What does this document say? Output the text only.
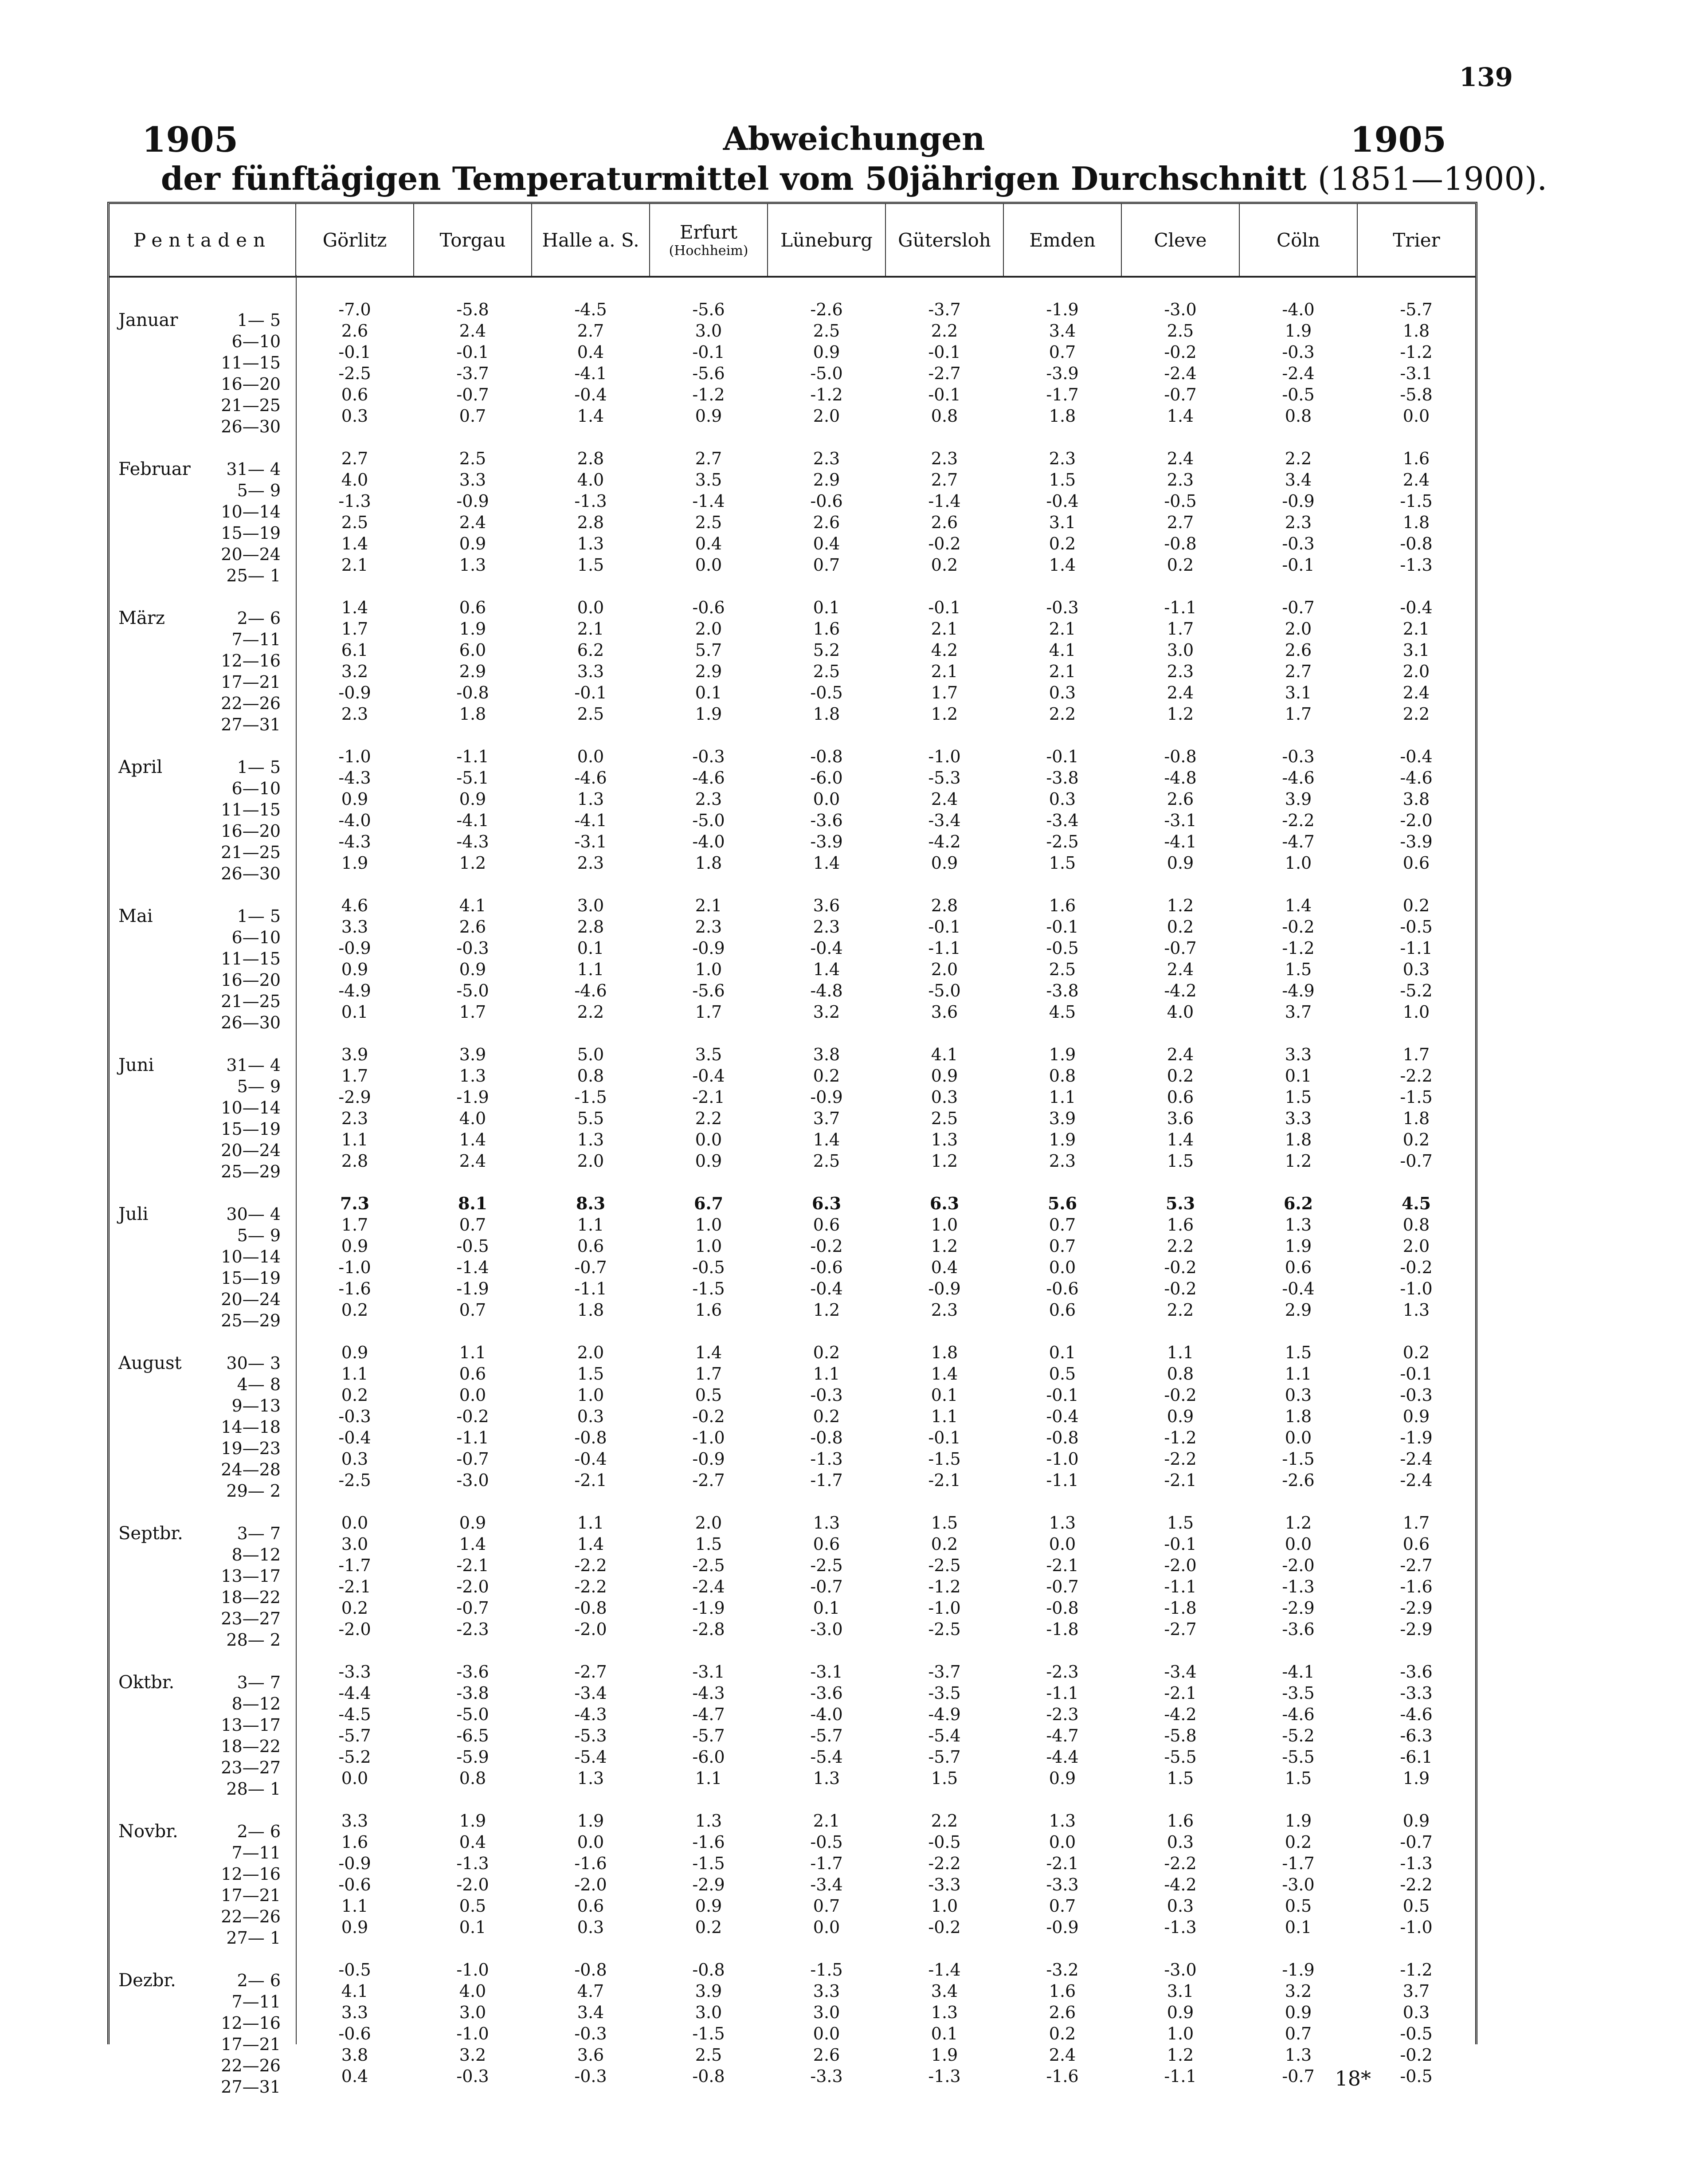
139
1905	1905
Abweichungen
der fünftägigen Temperaturmittel vom 50jährigen Durchschnitt (1851—1900).
Pentaden	Görlitz	Torgau	Halle a. S.	Erfurt
(Hochheim)	Lüneburg	Gütersloh	Emden	Cleve	Cöln	Trier

Januar 1— 5	-7.0	-5.8	-4.5	-5.6	-2.6	-3.7	-1.9	-3.0	-4.0	-5.7

6—10	2.6	2.4	2.7	3.0	2.5	2.2	3.4	2.5	1.9	1.8

11—15	-0.1	-0.1	0.4	-0.1	0.9	-0.1	0.7	-0.2	-0.3	-1.2

16—20	-2.5	-3.7	-4.1	-5.6	-5.0	-2.7	-3.9	-2.4	-2.4	-3.1

21—25	0.6	-0.7	-0.4	-1.2	-1.2	-0.1	-1.7	-0.7	-0.5	-5.8

26—30	0.3	0.7	1.4	0.9	2.0	0.8	1.8	1.4	0.8	0.0

Februar 31— 4	2.7	2.5	2.8	2.7	2.3	2.3	2.3	2.4	2.2	1.6

5— 9	4.0	3.3	4.0	3.5	2.9	2.7	1.5	2.3	3.4	2.4

10—14	-1.3	-0.9	-1.3	-1.4	-0.6	-1.4	-0.4	-0.5	-0.9	-1.5

15—19	2.5	2.4	2.8	2.5	2.6	2.6	3.1	2.7	2.3	1.8

20—24	1.4	0.9	1.3	0.4	0.4	-0.2	0.2	-0.8	-0.3	-0.8

25— 1	2.1	1.3	1.5	0.0	0.7	0.2	1.4	0.2	-0.1	-1.3

März 2— 6	1.4	0.6	0.0	-0.6	0.1	-0.1	-0.3	-1.1	-0.7	-0.4

7—11	1.7	1.9	2.1	2.0	1.6	2.1	2.1	1.7	2.0	2.1

12—16	6.1	6.0	6.2	5.7	5.2	4.2	4.1	3.0	2.6	3.1

17—21	3.2	2.9	3.3	2.9	2.5	2.1	2.1	2.3	2.7	2.0

22—26	-0.9	-0.8	-0.1	0.1	-0.5	1.7	0.3	2.4	3.1	2.4

27—31	2.3	1.8	2.5	1.9	1.8	1.2	2.2	1.2	1.7	2.2

April 1— 5	-1.0	-1.1	0.0	-0.3	-0.8	-1.0	-0.1	-0.8	-0.3	-0.4

6—10	-4.3	-5.1	-4.6	-4.6	-6.0	-5.3	-3.8	-4.8	-4.6	-4.6

11—15	0.9	0.9	1.3	2.3	0.0	2.4	0.3	2.6	3.9	3.8

16—20	-4.0	-4.1	-4.1	-5.0	-3.6	-3.4	-3.4	-3.1	-2.2	-2.0

21—25	-4.3	-4.3	-3.1	-4.0	-3.9	-4.2	-2.5	-4.1	-4.7	-3.9

26—30	1.9	1.2	2.3	1.8	1.4	0.9	1.5	0.9	1.0	0.6

Mai 1— 5	4.6	4.1	3.0	2.1	3.6	2.8	1.6	1.2	1.4	0.2

6—10	3.3	2.6	2.8	2.3	2.3	-0.1	-0.1	0.2	-0.2	-0.5

11—15	-0.9	-0.3	0.1	-0.9	-0.4	-1.1	-0.5	-0.7	-1.2	-1.1

16—20	0.9	0.9	1.1	1.0	1.4	2.0	2.5	2.4	1.5	0.3

21—25	-4.9	-5.0	-4.6	-5.6	-4.8	-5.0	-3.8	-4.2	-4.9	-5.2

26—30	0.1	1.7	2.2	1.7	3.2	3.6	4.5	4.0	3.7	1.0

Juni 31— 4	3.9	3.9	5.0	3.5	3.8	4.1	1.9	2.4	3.3	1.7

5— 9	1.7	1.3	0.8	-0.4	0.2	0.9	0.8	0.2	0.1	-2.2

10—14	-2.9	-1.9	-1.5	-2.1	-0.9	0.3	1.1	0.6	1.5	-1.5

15—19	2.3	4.0	5.5	2.2	3.7	2.5	3.9	3.6	3.3	1.8

20—24	1.1	1.4	1.3	0.0	1.4	1.3	1.9	1.4	1.8	0.2

25—29	2.8	2.4	2.0	0.9	2.5	1.2	2.3	1.5	1.2	-0.7

Juli 30— 4	7.3	8.1	8.3	6.7	6.3	6.3	5.6	5.3	6.2	4.5

5— 9	1.7	0.7	1.1	1.0	0.6	1.0	0.7	1.6	1.3	0.8

10—14	0.9	-0.5	0.6	1.0	-0.2	1.2	0.7	2.2	1.9	2.0

15—19	-1.0	-1.4	-0.7	-0.5	-0.6	0.4	0.0	-0.2	0.6	-0.2

20—24	-1.6	-1.9	-1.1	-1.5	-0.4	-0.9	-0.6	-0.2	-0.4	-1.0

25—29	0.2	0.7	1.8	1.6	1.2	2.3	0.6	2.2	2.9	1.3

August 30— 3	0.9	1.1	2.0	1.4	0.2	1.8	0.1	1.1	1.5	0.2

4— 8	1.1	0.6	1.5	1.7	1.1	1.4	0.5	0.8	1.1	-0.1

9—13	0.2	0.0	1.0	0.5	-0.3	0.1	-0.1	-0.2	0.3	-0.3

14—18	-0.3	-0.2	0.3	-0.2	0.2	1.1	-0.4	0.9	1.8	0.9

19—23	-0.4	-1.1	-0.8	-1.0	-0.8	-0.1	-0.8	-1.2	0.0	-1.9

24—28	0.3	-0.7	-0.4	-0.9	-1.3	-1.5	-1.0	-2.2	-1.5	-2.4

29— 2	-2.5	-3.0	-2.1	-2.7	-1.7	-2.1	-1.1	-2.1	-2.6	-2.4

Septbr. 3— 7	0.0	0.9	1.1	2.0	1.3	1.5	1.3	1.5	1.2	1.7

8—12	3.0	1.4	1.4	1.5	0.6	0.2	0.0	-0.1	0.0	0.6

13—17	-1.7	-2.1	-2.2	-2.5	-2.5	-2.5	-2.1	-2.0	-2.0	-2.7

18—22	-2.1	-2.0	-2.2	-2.4	-0.7	-1.2	-0.7	-1.1	-1.3	-1.6

23—27	0.2	-0.7	-0.8	-1.9	0.1	-1.0	-0.8	-1.8	-2.9	-2.9

28— 2	-2.0	-2.3	-2.0	-2.8	-3.0	-2.5	-1.8	-2.7	-3.6	-2.9

Oktbr. 3— 7	-3.3	-3.6	-2.7	-3.1	-3.1	-3.7	-2.3	-3.4	-4.1	-3.6

8—12	-4.4	-3.8	-3.4	-4.3	-3.6	-3.5	-1.1	-2.1	-3.5	-3.3

13—17	-4.5	-5.0	-4.3	-4.7	-4.0	-4.9	-2.3	-4.2	-4.6	-4.6

18—22	-5.7	-6.5	-5.3	-5.7	-5.7	-5.4	-4.7	-5.8	-5.2	-6.3

23—27	-5.2	-5.9	-5.4	-6.0	-5.4	-5.7	-4.4	-5.5	-5.5	-6.1

28— 1	0.0	0.8	1.3	1.1	1.3	1.5	0.9	1.5	1.5	1.9

Novbr. 2— 6	3.3	1.9	1.9	1.3	2.1	2.2	1.3	1.6	1.9	0.9

7—11	1.6	0.4	0.0	-1.6	-0.5	-0.5	0.0	0.3	0.2	-0.7

12—16	-0.9	-1.3	-1.6	-1.5	-1.7	-2.2	-2.1	-2.2	-1.7	-1.3

17—21	-0.6	-2.0	-2.0	-2.9	-3.4	-3.3	-3.3	-4.2	-3.0	-2.2

22—26	1.1	0.5	0.6	0.9	0.7	1.0	0.7	0.3	0.5	0.5

27— 1	0.9	0.1	0.3	0.2	0.0	-0.2	-0.9	-1.3	0.1	-1.0

Dezbr. 2— 6	-0.5	-1.0	-0.8	-0.8	-1.5	-1.4	-3.2	-3.0	-1.9	-1.2

7—11	4.1	4.0	4.7	3.9	3.3	3.4	1.6	3.1	3.2	3.7

12—16	3.3	3.0	3.4	3.0	3.0	1.3	2.6	0.9	0.9	0.3

17—21	-0.6	-1.0	-0.3	-1.5	0.0	0.1	0.2	1.0	0.7	-0.5

22—26	3.8	3.2	3.6	2.5	2.6	1.9	2.4	1.2	1.3	-0.2

27—31	0.4	-0.3	-0.3	-0.8	-3.3	-1.3	-1.6	-1.1	-0.7	-0.5
18*
